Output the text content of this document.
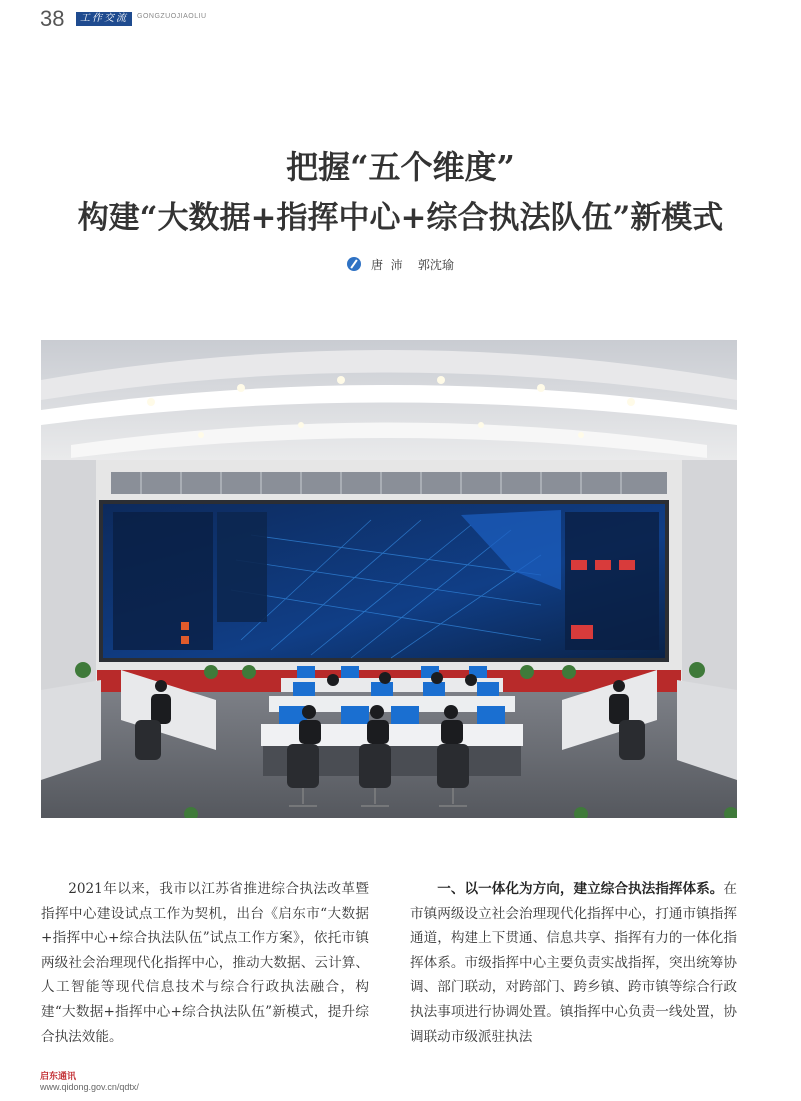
38	工作交流	GONGZUOJIAOLIU
把握“五个维度”
构建“大数据+指挥中心+综合执法队伍”新模式
唐  沛    郭沈瑜
2021年以来，我市以江苏省推进综合执法改革暨指挥中心建设试点工作为契机，出台《启东市“大数据+指挥中心+综合执法队伍”试点工作方案》，依托市镇两级社会治理现代化指挥中心，推动大数据、云计算、人工智能等现代信息技术与综合行政执法融合，构建“大数据+指挥中心+综合执法队伍”新模式，提升综合执法效能。
一、以一体化为方向，建立综合执法指挥体系。在市镇两级设立社会治理现代化指挥中心，打通市镇指挥通道，构建上下贯通、信息共享、指挥有力的一体化指挥体系。市级指挥中心主要负责实战指挥，突出统筹协调、部门联动，对跨部门、跨乡镇、跨市镇等综合行政执法事项进行协调处置。镇指挥中心负责一线处置，协调联动市级派驻执法
启东通讯
www.qidong.gov.cn/qdtx/
